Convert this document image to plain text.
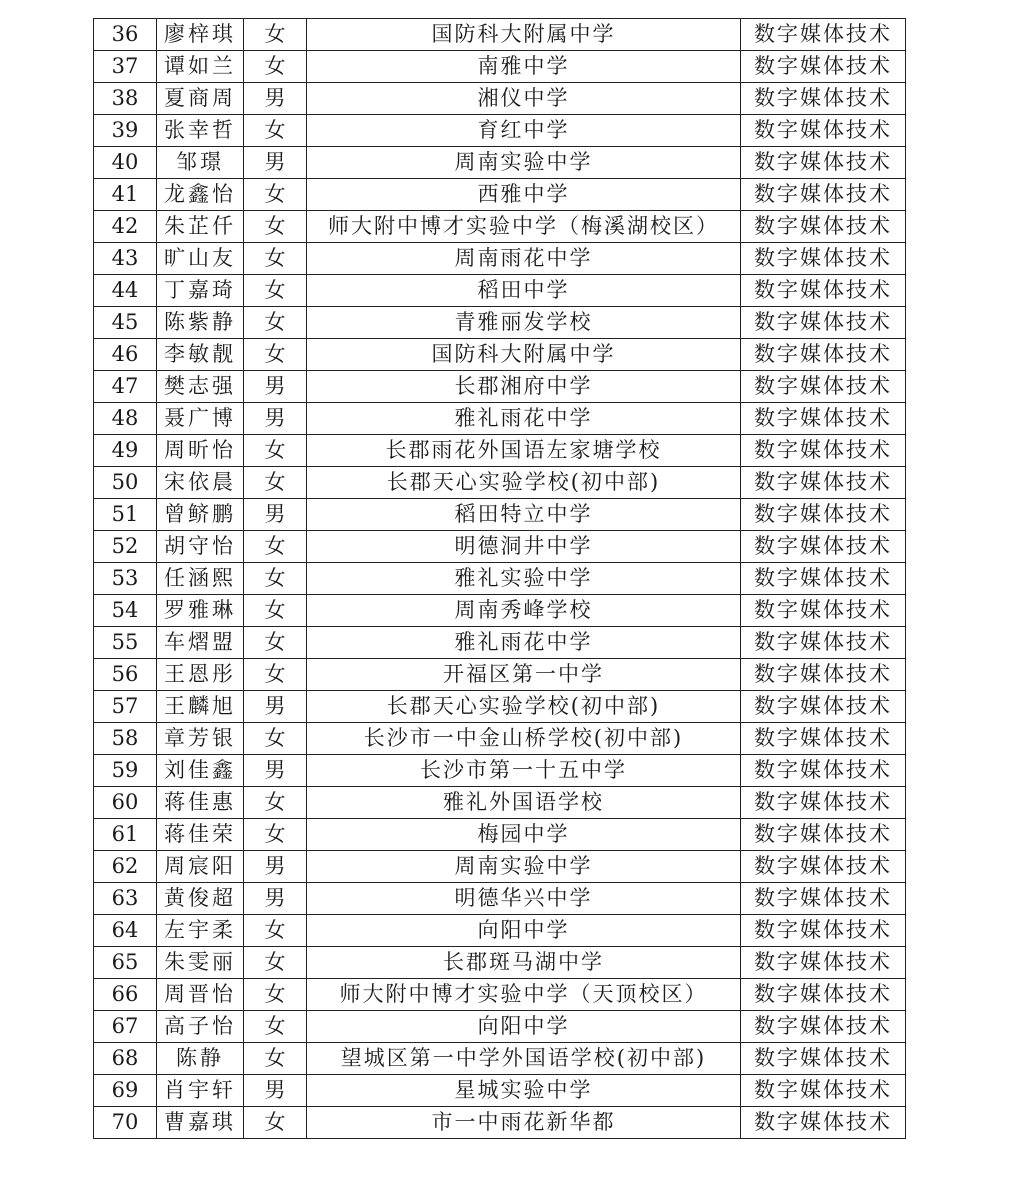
36	廖梓琪	女	国防科大附属中学	数字媒体技术
37	谭如兰	女	南雅中学	数字媒体技术
38	夏商周	男	湘仪中学	数字媒体技术
39	张幸哲	女	育红中学	数字媒体技术
40	邹璟	男	周南实验中学	数字媒体技术
41	龙鑫怡	女	西雅中学	数字媒体技术
42	朱芷仟	女	师大附中博才实验中学（梅溪湖校区）	数字媒体技术
43	旷山友	女	周南雨花中学	数字媒体技术
44	丁嘉琦	女	稻田中学	数字媒体技术
45	陈紫静	女	青雅丽发学校	数字媒体技术
46	李敏靓	女	国防科大附属中学	数字媒体技术
47	樊志强	男	长郡湘府中学	数字媒体技术
48	聂广博	男	雅礼雨花中学	数字媒体技术
49	周昕怡	女	长郡雨花外国语左家塘学校	数字媒体技术
50	宋依晨	女	长郡天心实验学校(初中部)	数字媒体技术
51	曾鲚鹏	男	稻田特立中学	数字媒体技术
52	胡守怡	女	明德洞井中学	数字媒体技术
53	任涵熙	女	雅礼实验中学	数字媒体技术
54	罗雅琳	女	周南秀峰学校	数字媒体技术
55	车熠盟	女	雅礼雨花中学	数字媒体技术
56	王恩彤	女	开福区第一中学	数字媒体技术
57	王麟旭	男	长郡天心实验学校(初中部)	数字媒体技术
58	章芳银	女	长沙市一中金山桥学校(初中部)	数字媒体技术
59	刘佳鑫	男	长沙市第一十五中学	数字媒体技术
60	蒋佳惠	女	雅礼外国语学校	数字媒体技术
61	蒋佳荣	女	梅园中学	数字媒体技术
62	周宸阳	男	周南实验中学	数字媒体技术
63	黄俊超	男	明德华兴中学	数字媒体技术
64	左宇柔	女	向阳中学	数字媒体技术
65	朱雯丽	女	长郡斑马湖中学	数字媒体技术
66	周晋怡	女	师大附中博才实验中学（天顶校区）	数字媒体技术
67	高子怡	女	向阳中学	数字媒体技术
68	陈静	女	望城区第一中学外国语学校(初中部)	数字媒体技术
69	肖宇轩	男	星城实验中学	数字媒体技术
70	曹嘉琪	女	市一中雨花新华都	数字媒体技术
